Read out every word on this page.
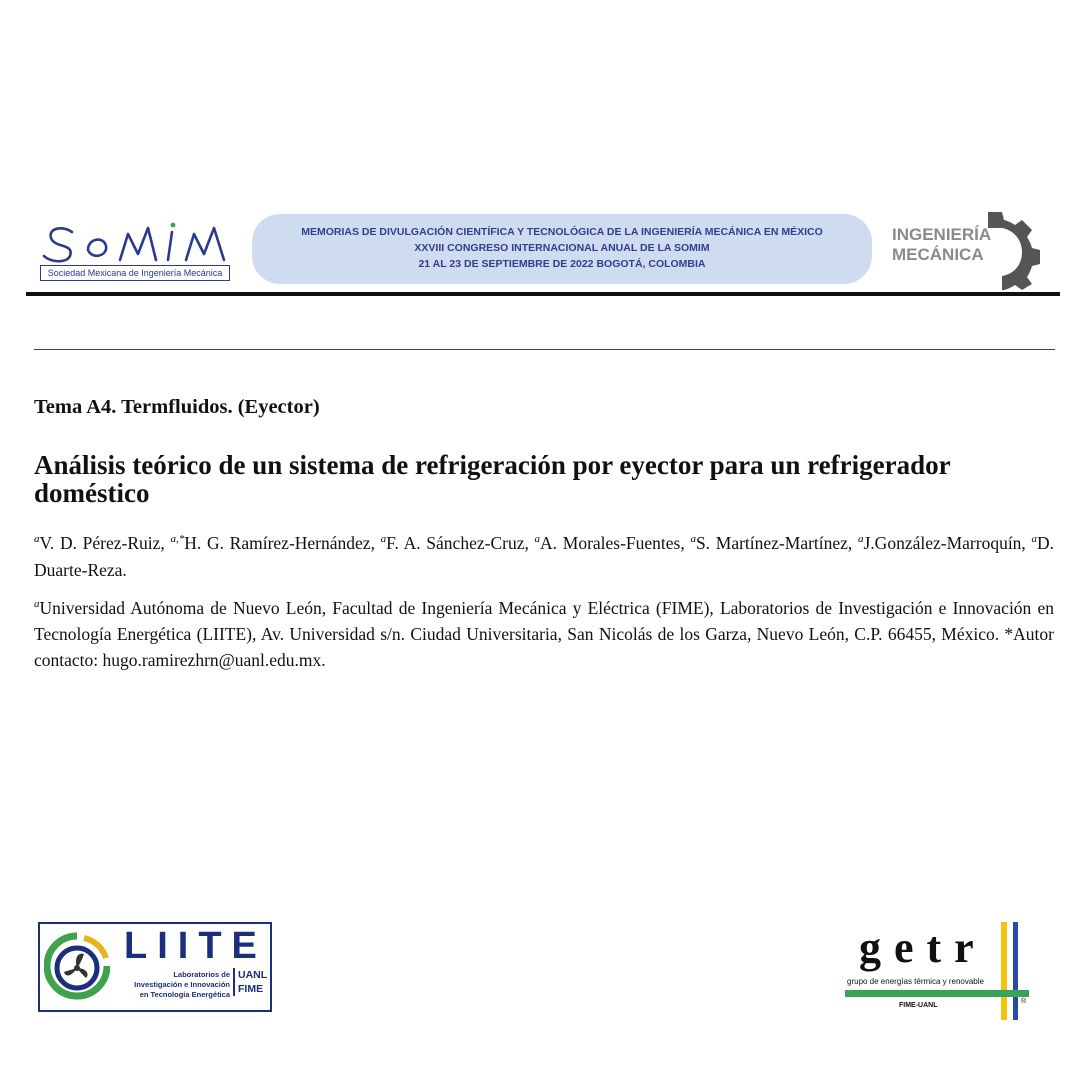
Sociedad Mexicana de Ingeniería Mecánica
MEMORIAS DE DIVULGACIÓN CIENTÍFICA Y TECNOLÓGICA DE LA INGENIERÍA MECÁNICA EN MÉXICO
XXVIII CONGRESO INTERNACIONAL ANUAL DE LA SOMIM
21 AL 23 DE SEPTIEMBRE DE 2022 BOGOTÁ, COLOMBIA
INGENIERÍA
MECÁNICA
Tema A4. Termfluidos. (Eyector)
Análisis teórico de un sistema de refrigeración por eyector para un refrigerador doméstico
$^a$V. D. Pérez-Ruiz, $^{a,*}$H. G. Ramírez-Hernández, $^a$F. A. Sánchez-Cruz, $^a$A. Morales-Fuentes, $^a$S. Martínez-Martínez, $^a$J.González-Marroquín, $^a$D. Duarte-Reza.
$^a$Universidad Autónoma de Nuevo León, Facultad de Ingeniería Mecánica y Eléctrica (FIME), Laboratorios de Investigación e Innovación en Tecnología Energética (LIITE), Av. Universidad s/n. Ciudad Universitaria, San Nicolás de los Garza, Nuevo León, C.P. 66455, México. *Autor contacto: hugo.ramirezhrn@uanl.edu.mx.
LIITE
Laboratorios de
Investigación e Innovación
en Tecnología Energética
UANL
FIME
getr
grupo de energías térmica y renovable
FIME-UANL
®
